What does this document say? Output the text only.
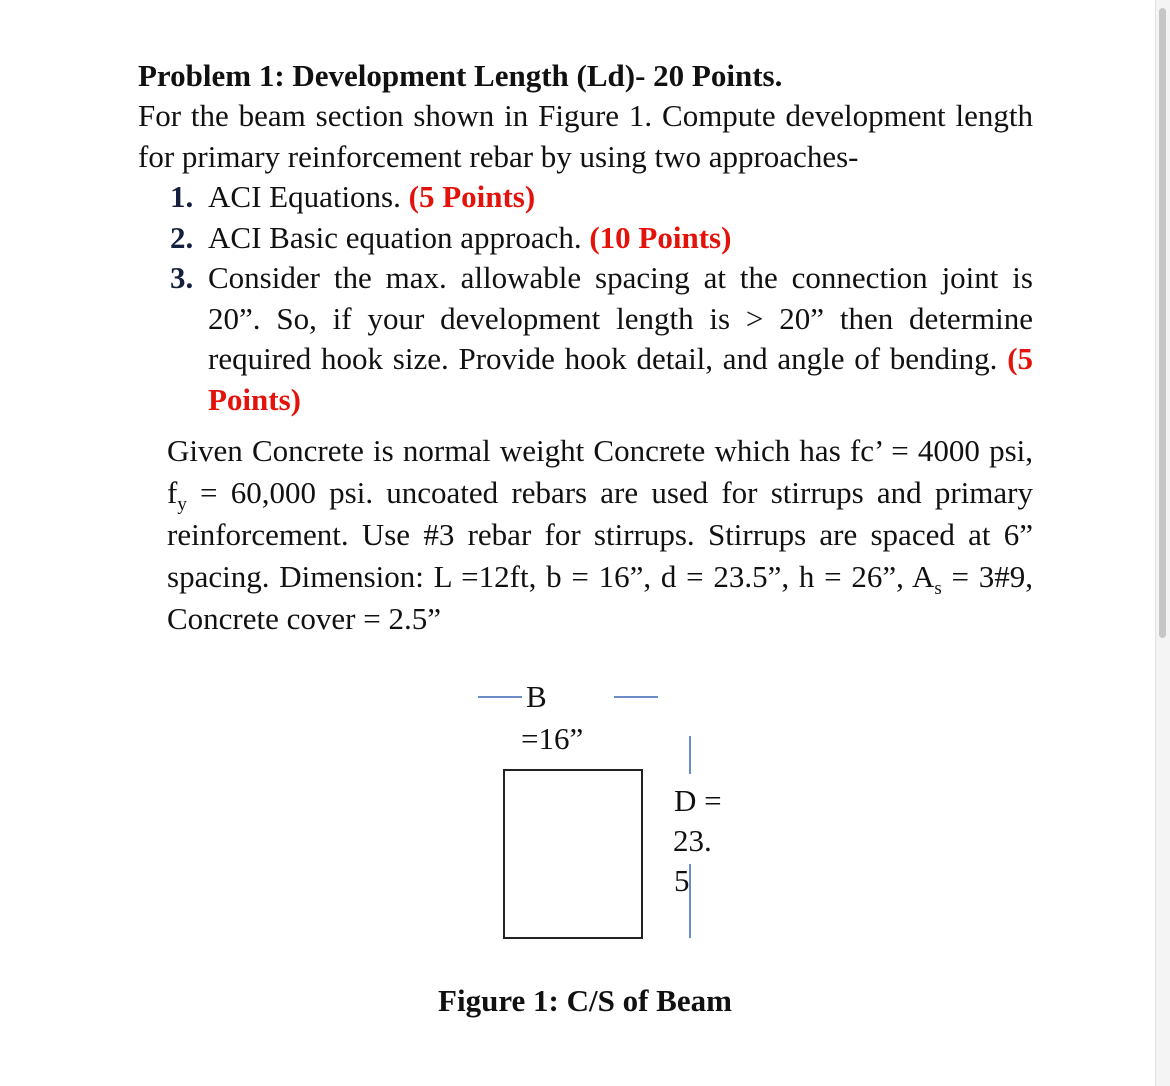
Problem 1: Development Length (Ld)- 20 Points.

For the beam section shown in Figure 1. Compute development length for primary reinforcement rebar by using two approaches-

1. ACI Equations. (5 Points)
2. ACI Basic equation approach. (10 Points)
3. Consider the max. allowable spacing at the connection joint is 20”. So, if your development length is > 20” then determine required hook size. Provide hook detail, and angle of bending. (5 Points)

Given Concrete is normal weight Concrete which has fc’ = 4000 psi, $f_y = 60,000$ psi. uncoated rebars are used for stirrups and primary reinforcement. Use #3 rebar for stirrups. Stirrups are spaced at 6” spacing. Dimension: L =12ft, b = 16”, d = 23.5”, h = 26”, $A_s$ = 3#9, Concrete cover = 2.5”

B
=16”
D =
23.
5
Figure 1: C/S of Beam
